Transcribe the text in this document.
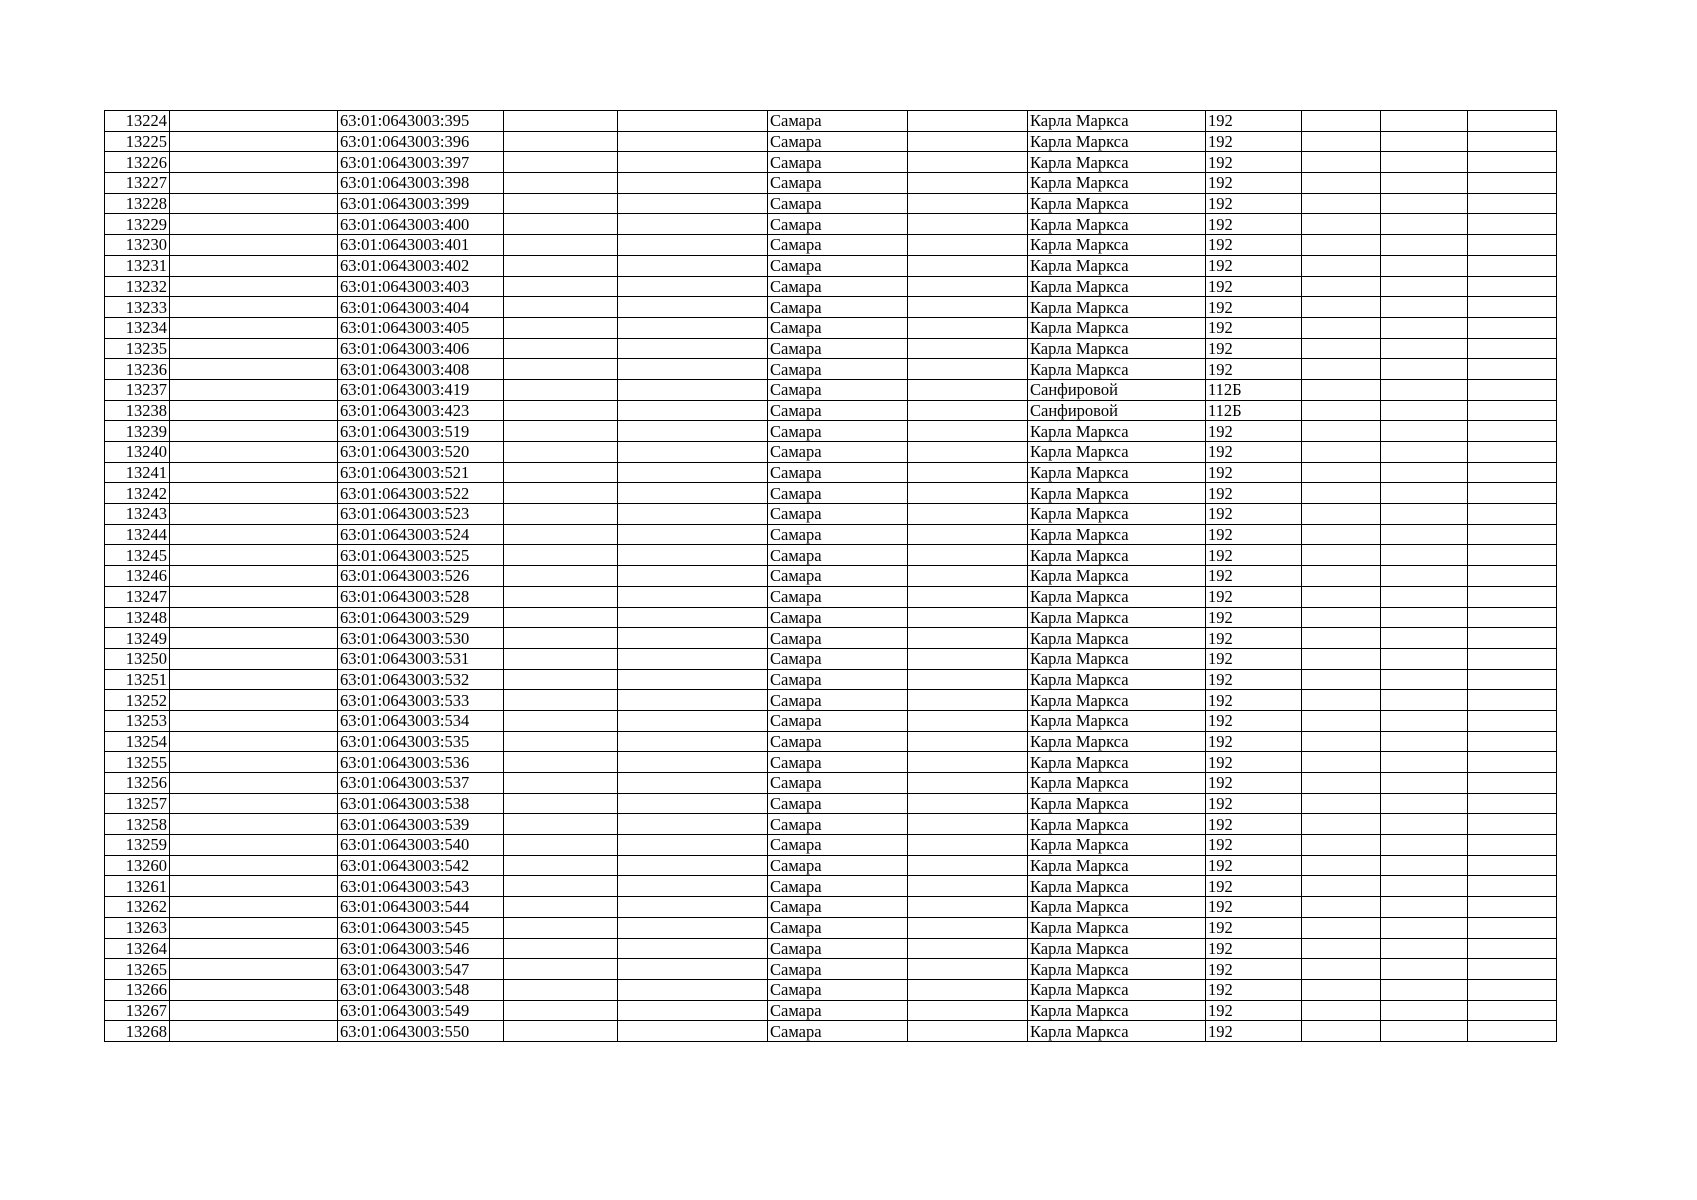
13224		63:01:0643003:395			Самара		Карла Маркса	192			
13225		63:01:0643003:396			Самара		Карла Маркса	192			
13226		63:01:0643003:397			Самара		Карла Маркса	192			
13227		63:01:0643003:398			Самара		Карла Маркса	192			
13228		63:01:0643003:399			Самара		Карла Маркса	192			
13229		63:01:0643003:400			Самара		Карла Маркса	192			
13230		63:01:0643003:401			Самара		Карла Маркса	192			
13231		63:01:0643003:402			Самара		Карла Маркса	192			
13232		63:01:0643003:403			Самара		Карла Маркса	192			
13233		63:01:0643003:404			Самара		Карла Маркса	192			
13234		63:01:0643003:405			Самара		Карла Маркса	192			
13235		63:01:0643003:406			Самара		Карла Маркса	192			
13236		63:01:0643003:408			Самара		Карла Маркса	192			
13237		63:01:0643003:419			Самара		Санфировой	112Б			
13238		63:01:0643003:423			Самара		Санфировой	112Б			
13239		63:01:0643003:519			Самара		Карла Маркса	192			
13240		63:01:0643003:520			Самара		Карла Маркса	192			
13241		63:01:0643003:521			Самара		Карла Маркса	192			
13242		63:01:0643003:522			Самара		Карла Маркса	192			
13243		63:01:0643003:523			Самара		Карла Маркса	192			
13244		63:01:0643003:524			Самара		Карла Маркса	192			
13245		63:01:0643003:525			Самара		Карла Маркса	192			
13246		63:01:0643003:526			Самара		Карла Маркса	192			
13247		63:01:0643003:528			Самара		Карла Маркса	192			
13248		63:01:0643003:529			Самара		Карла Маркса	192			
13249		63:01:0643003:530			Самара		Карла Маркса	192			
13250		63:01:0643003:531			Самара		Карла Маркса	192			
13251		63:01:0643003:532			Самара		Карла Маркса	192			
13252		63:01:0643003:533			Самара		Карла Маркса	192			
13253		63:01:0643003:534			Самара		Карла Маркса	192			
13254		63:01:0643003:535			Самара		Карла Маркса	192			
13255		63:01:0643003:536			Самара		Карла Маркса	192			
13256		63:01:0643003:537			Самара		Карла Маркса	192			
13257		63:01:0643003:538			Самара		Карла Маркса	192			
13258		63:01:0643003:539			Самара		Карла Маркса	192			
13259		63:01:0643003:540			Самара		Карла Маркса	192			
13260		63:01:0643003:542			Самара		Карла Маркса	192			
13261		63:01:0643003:543			Самара		Карла Маркса	192			
13262		63:01:0643003:544			Самара		Карла Маркса	192			
13263		63:01:0643003:545			Самара		Карла Маркса	192			
13264		63:01:0643003:546			Самара		Карла Маркса	192			
13265		63:01:0643003:547			Самара		Карла Маркса	192			
13266		63:01:0643003:548			Самара		Карла Маркса	192			
13267		63:01:0643003:549			Самара		Карла Маркса	192			
13268		63:01:0643003:550			Самара		Карла Маркса	192			
